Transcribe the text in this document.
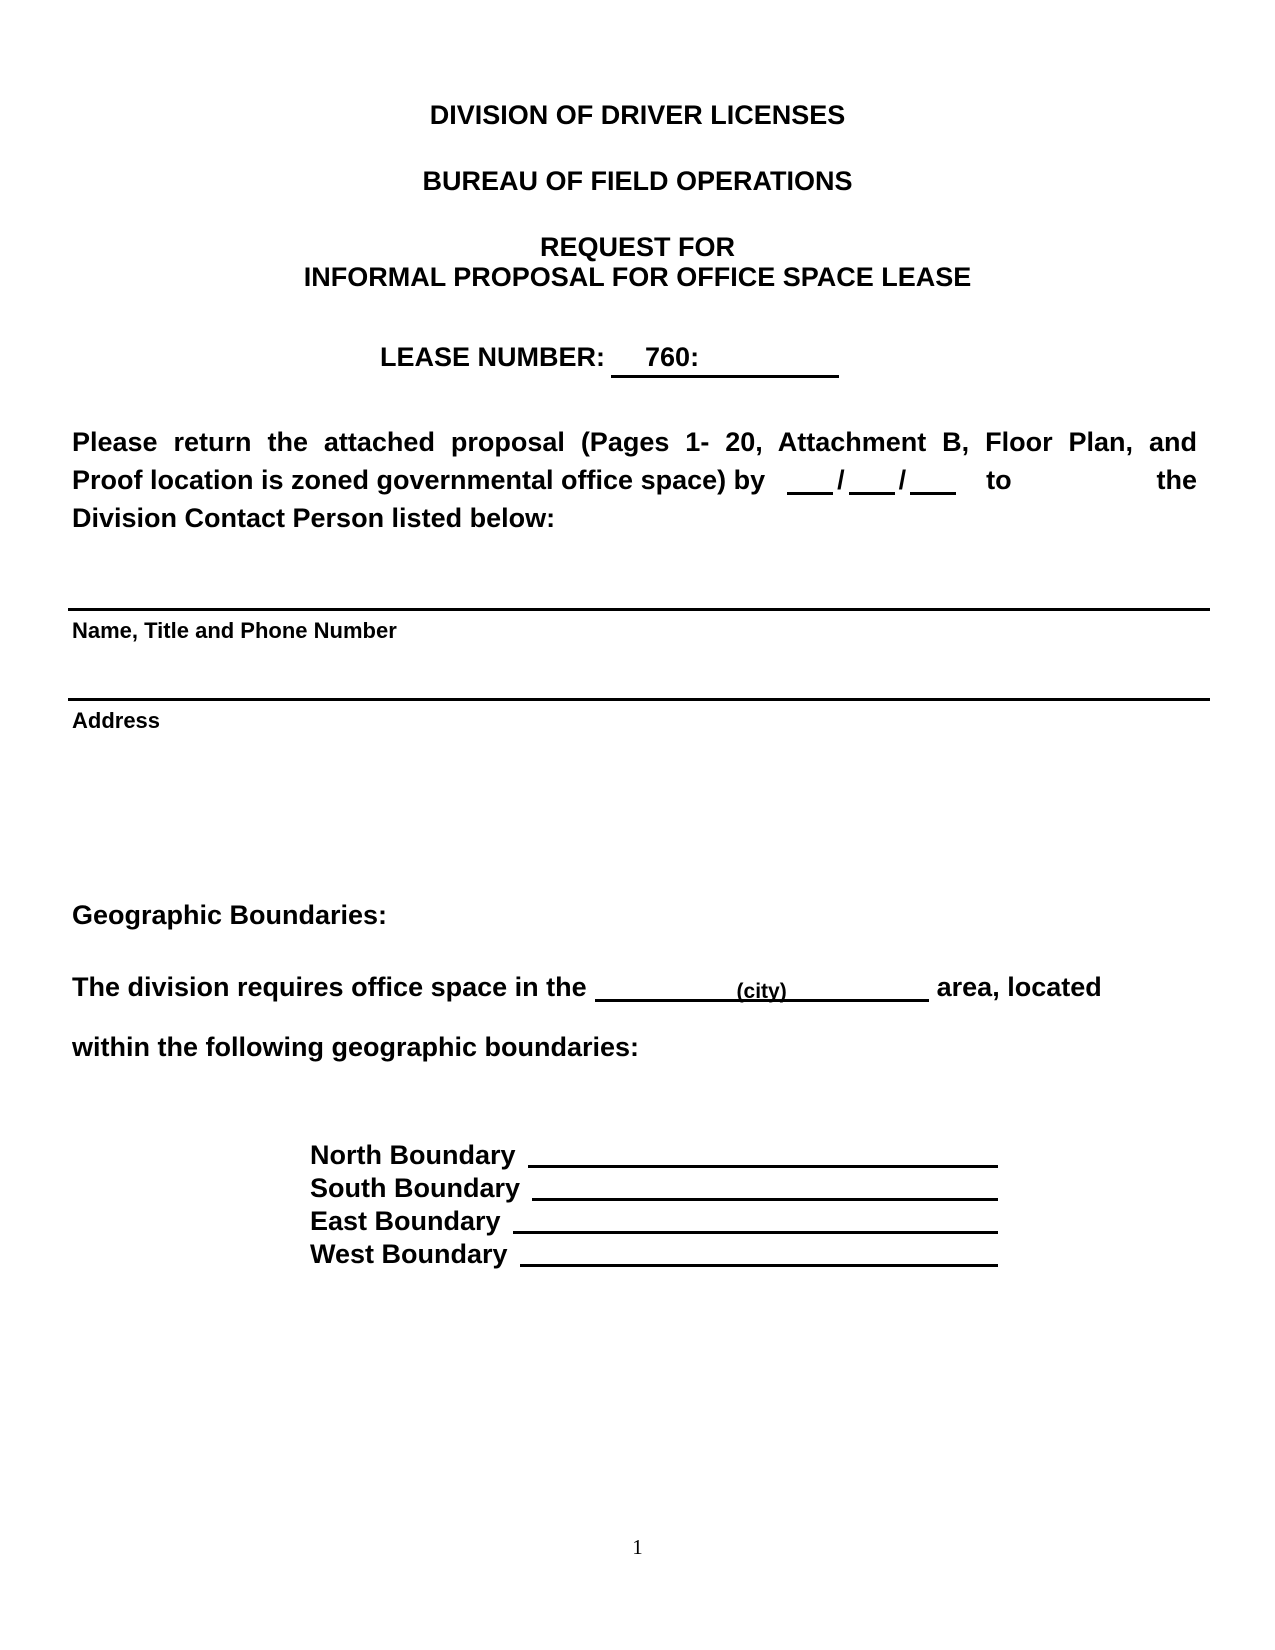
DIVISION OF DRIVER LICENSES
BUREAU OF FIELD OPERATIONS
REQUEST FOR
INFORMAL PROPOSAL FOR OFFICE SPACE LEASE
LEASE NUMBER: 760:
Please return the attached proposal (Pages 1- 20, Attachment B, Floor Plan, and
Proof location is zoned governmental office space) by	/ /	to	the
Division Contact Person listed below:
Name, Title and Phone Number
Address
Geographic Boundaries:
The division requires office space in the	(city)	area, located
within the following geographic boundaries:
North Boundary
South Boundary
East Boundary
West Boundary
1
